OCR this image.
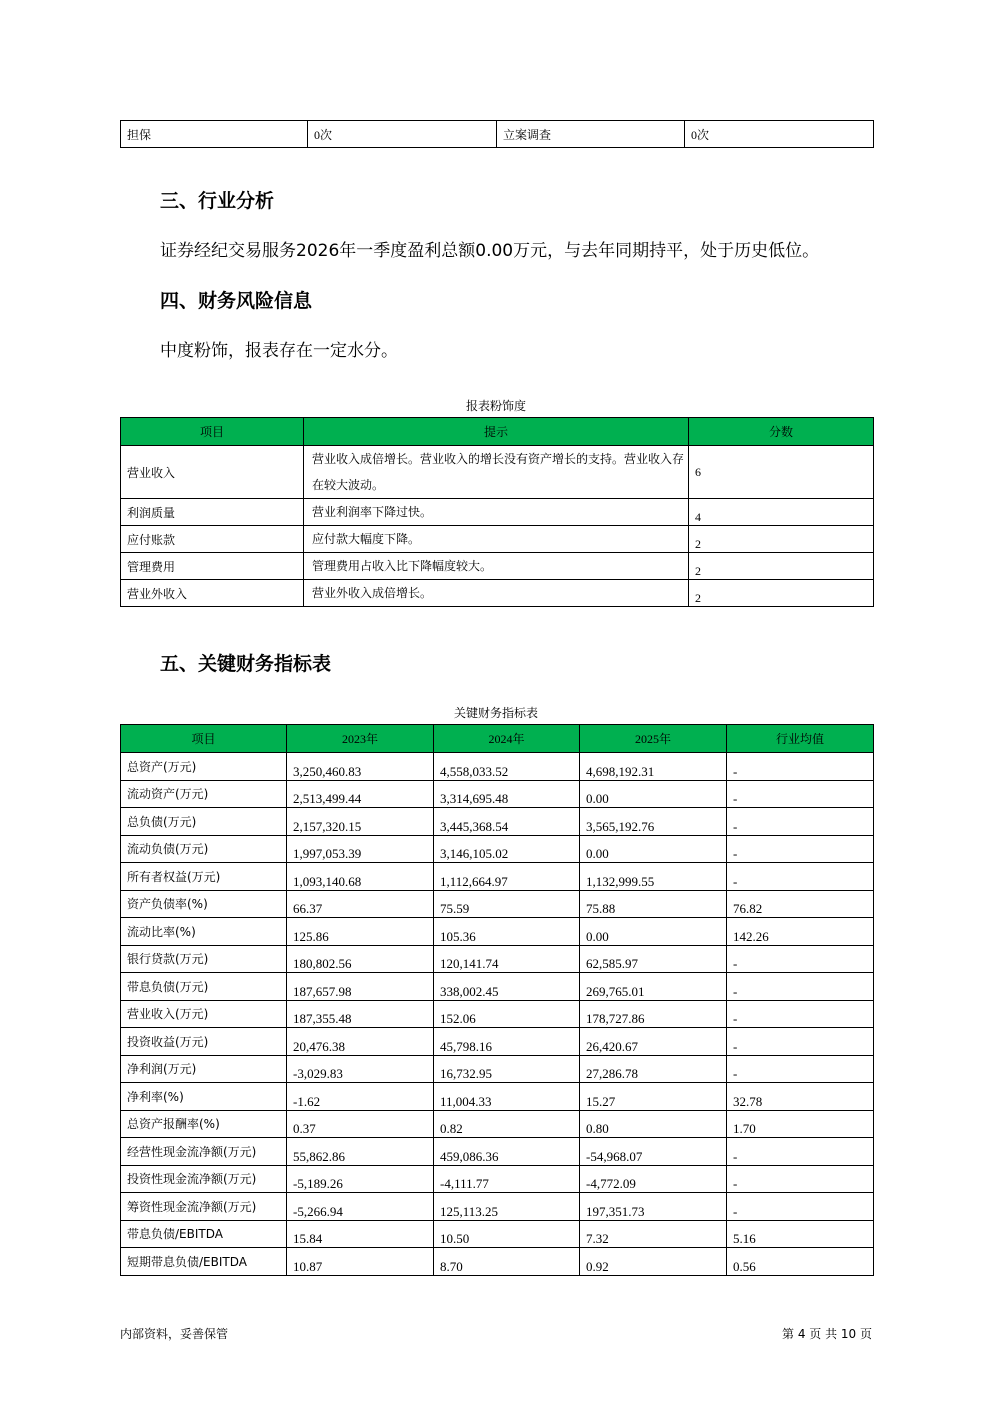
担保	0次	立案调查	0次
三、行业分析
证券经纪交易服务2026年一季度盈利总额0.00万元，与去年同期持平，处于历史低位。
四、财务风险信息
中度粉饰，报表存在一定水分。
报表粉饰度
项目	提示	分数
营业收入	营业收入成倍增长。营业收入的增长没有资产增长的支持。营业收入存在较大波动。	6
利润质量	营业利润率下降过快。	4
应付账款	应付款大幅度下降。	2
管理费用	管理费用占收入比下降幅度较大。	2
营业外收入	营业外收入成倍增长。	2
五、关键财务指标表
关键财务指标表
项目	2023年	2024年	2025年	行业均值
总资产(万元)	3,250,460.83	4,558,033.52	4,698,192.31	-
流动资产(万元)	2,513,499.44	3,314,695.48	0.00	-
总负债(万元)	2,157,320.15	3,445,368.54	3,565,192.76	-
流动负债(万元)	1,997,053.39	3,146,105.02	0.00	-
所有者权益(万元)	1,093,140.68	1,112,664.97	1,132,999.55	-
资产负债率(%)	66.37	75.59	75.88	76.82
流动比率(%)	125.86	105.36	0.00	142.26
银行贷款(万元)	180,802.56	120,141.74	62,585.97	-
带息负债(万元)	187,657.98	338,002.45	269,765.01	-
营业收入(万元)	187,355.48	152.06	178,727.86	-
投资收益(万元)	20,476.38	45,798.16	26,420.67	-
净利润(万元)	-3,029.83	16,732.95	27,286.78	-
净利率(%)	-1.62	11,004.33	15.27	32.78
总资产报酬率(%)	0.37	0.82	0.80	1.70
经营性现金流净额(万元)	55,862.86	459,086.36	-54,968.07	-
投资性现金流净额(万元)	-5,189.26	-4,111.77	-4,772.09	-
筹资性现金流净额(万元)	-5,266.94	125,113.25	197,351.73	-
带息负债/EBITDA	15.84	10.50	7.32	5.16
短期带息负债/EBITDA	10.87	8.70	0.92	0.56
内部资料，妥善保管	第 4 页 共 10 页
